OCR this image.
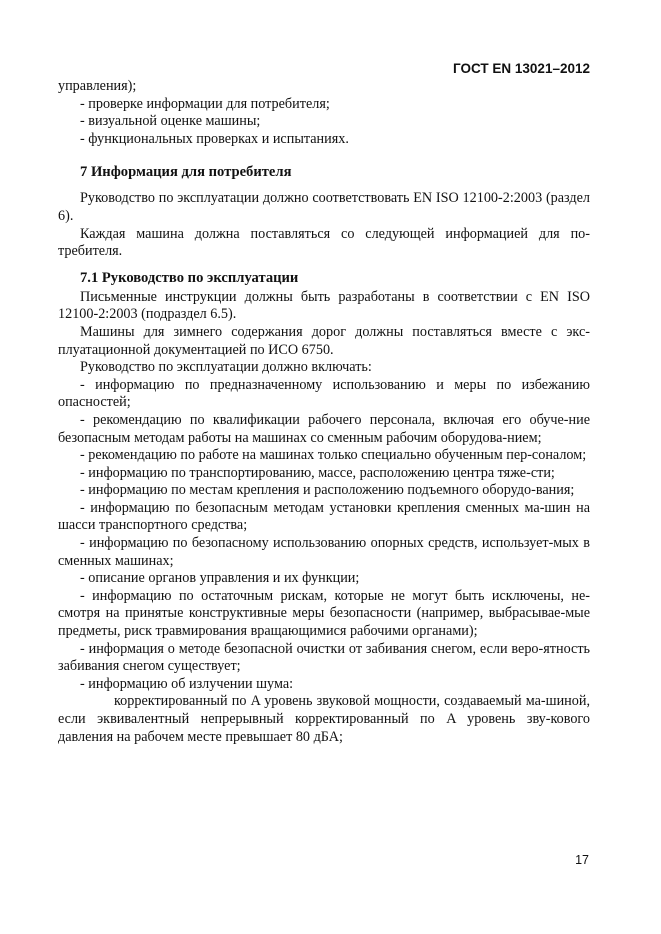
ГОСТ EN 13021–2012

управления);

- проверке информации для потребителя;

- визуальной оценке машины;

- функциональных проверках и испытаниях.

7 Информация для потребителя

Руководство по эксплуатации должно соответствовать EN ISO 12100-2:2003 (раздел 6).

Каждая машина должна поставляться со следующей информацией для по-требителя.

7.1 Руководство по эксплуатации

Письменные инструкции должны быть разработаны в соответствии с EN ISO 12100-2:2003 (подраздел 6.5).

Машины для зимнего содержания дорог должны поставляться вместе с экс-плуатационной документацией по ИСО 6750.

Руководство по эксплуатации должно включать:

- информацию по предназначенному использованию и меры по избежанию опасностей;

- рекомендацию по квалификации рабочего персонала, включая его обуче-ние безопасным методам работы на машинах со сменным рабочим оборудова-нием;

- рекомендацию по работе на машинах только специально обученным пер-соналом;

- информацию по транспортированию, массе, расположению центра тяже-сти;

- информацию по местам крепления и расположению подъемного оборудо-вания;

- информацию по безопасным методам установки крепления сменных ма-шин на шасси транспортного средства;

- информацию по безопасному использованию опорных средств, использует-мых в сменных машинах;

- описание органов управления и их функции;

- информацию по остаточным рискам, которые не могут быть исключены, не-смотря на принятые конструктивные меры безопасности (например, выбрасывае-мые предметы, риск травмирования вращающимися рабочими органами);

- информация о методе безопасной очистки от забивания снегом, если веро-ятность забивания снегом существует;

- информацию об излучении шума:

корректированный по A уровень звуковой мощности, создаваемый ма-шиной, если эквивалентный непрерывный корректированный по A уровень зву-кового давления на рабочем месте превышает 80 дБА;

17
